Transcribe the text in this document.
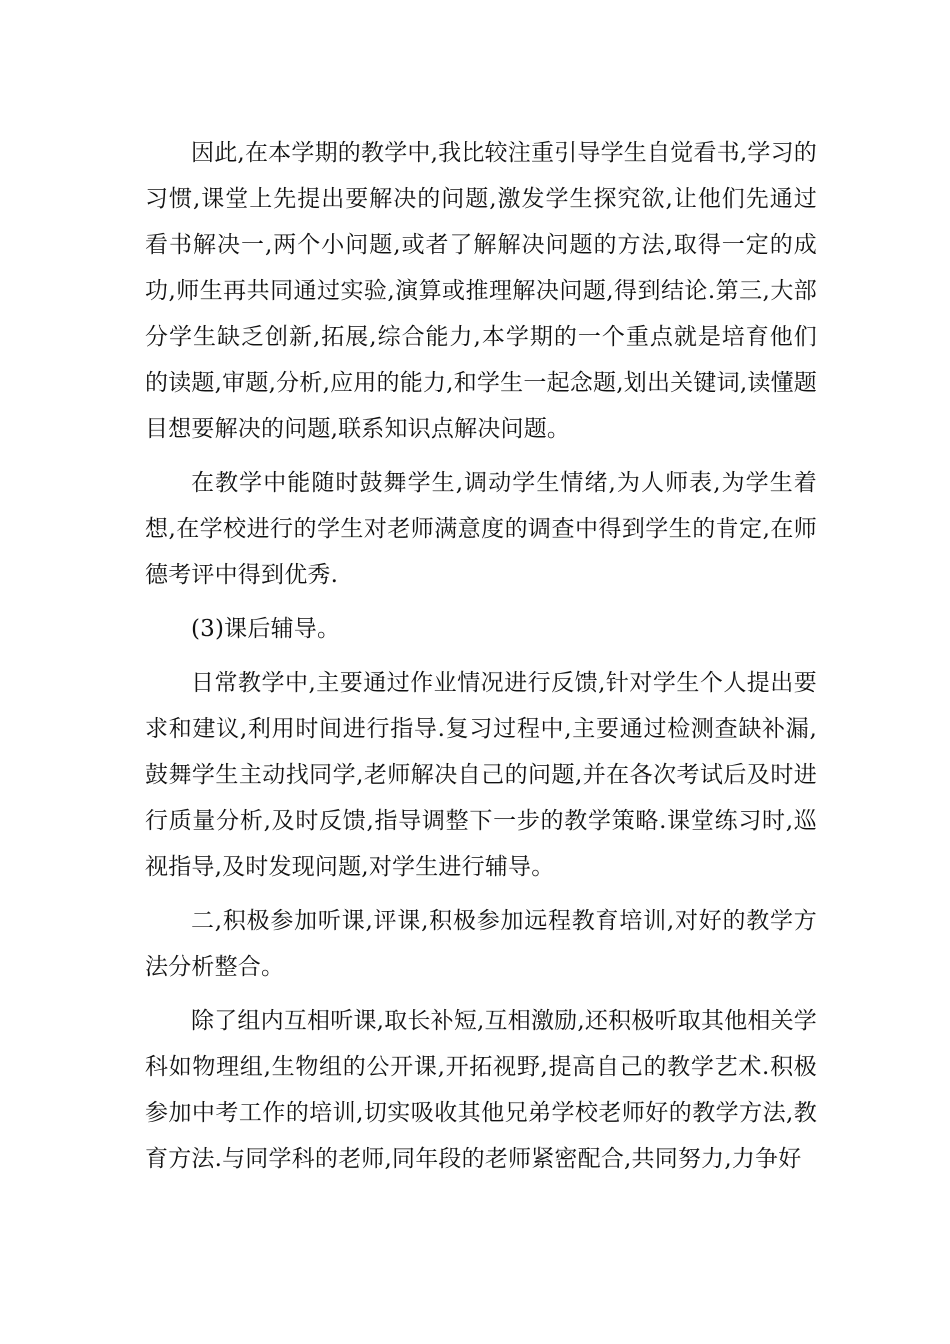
因此,在本学期的教学中,我比较注重引导学生自觉看书,学习的习惯,课堂上先提出要解决的问题,激发学生探究欲,让他们先通过看书解决一,两个小问题,或者了解解决问题的方法,取得一定的成功,师生再共同通过实验,演算或推理解决问题,得到结论.第三,大部分学生缺乏创新,拓展,综合能力,本学期的一个重点就是培育他们的读题,审题,分析,应用的能力,和学生一起念题,划出关键词,读懂题目想要解决的问题,联系知识点解决问题。

在教学中能随时鼓舞学生,调动学生情绪,为人师表,为学生着想,在学校进行的学生对老师满意度的调查中得到学生的肯定,在师德考评中得到优秀.

(3)课后辅导。

日常教学中,主要通过作业情况进行反馈,针对学生个人提出要求和建议,利用时间进行指导.复习过程中,主要通过检测查缺补漏,鼓舞学生主动找同学,老师解决自己的问题,并在各次考试后及时进行质量分析,及时反馈,指导调整下一步的教学策略.课堂练习时,巡视指导,及时发现问题,对学生进行辅导。

二,积极参加听课,评课,积极参加远程教育培训,对好的教学方法分析整合。

除了组内互相听课,取长补短,互相激励,还积极听取其他相关学科如物理组,生物组的公开课,开拓视野,提高自己的教学艺术.积极参加中考工作的培训,切实吸收其他兄弟学校老师好的教学方法,教育方法.与同学科的老师,同年段的老师紧密配合,共同努力,力争好
